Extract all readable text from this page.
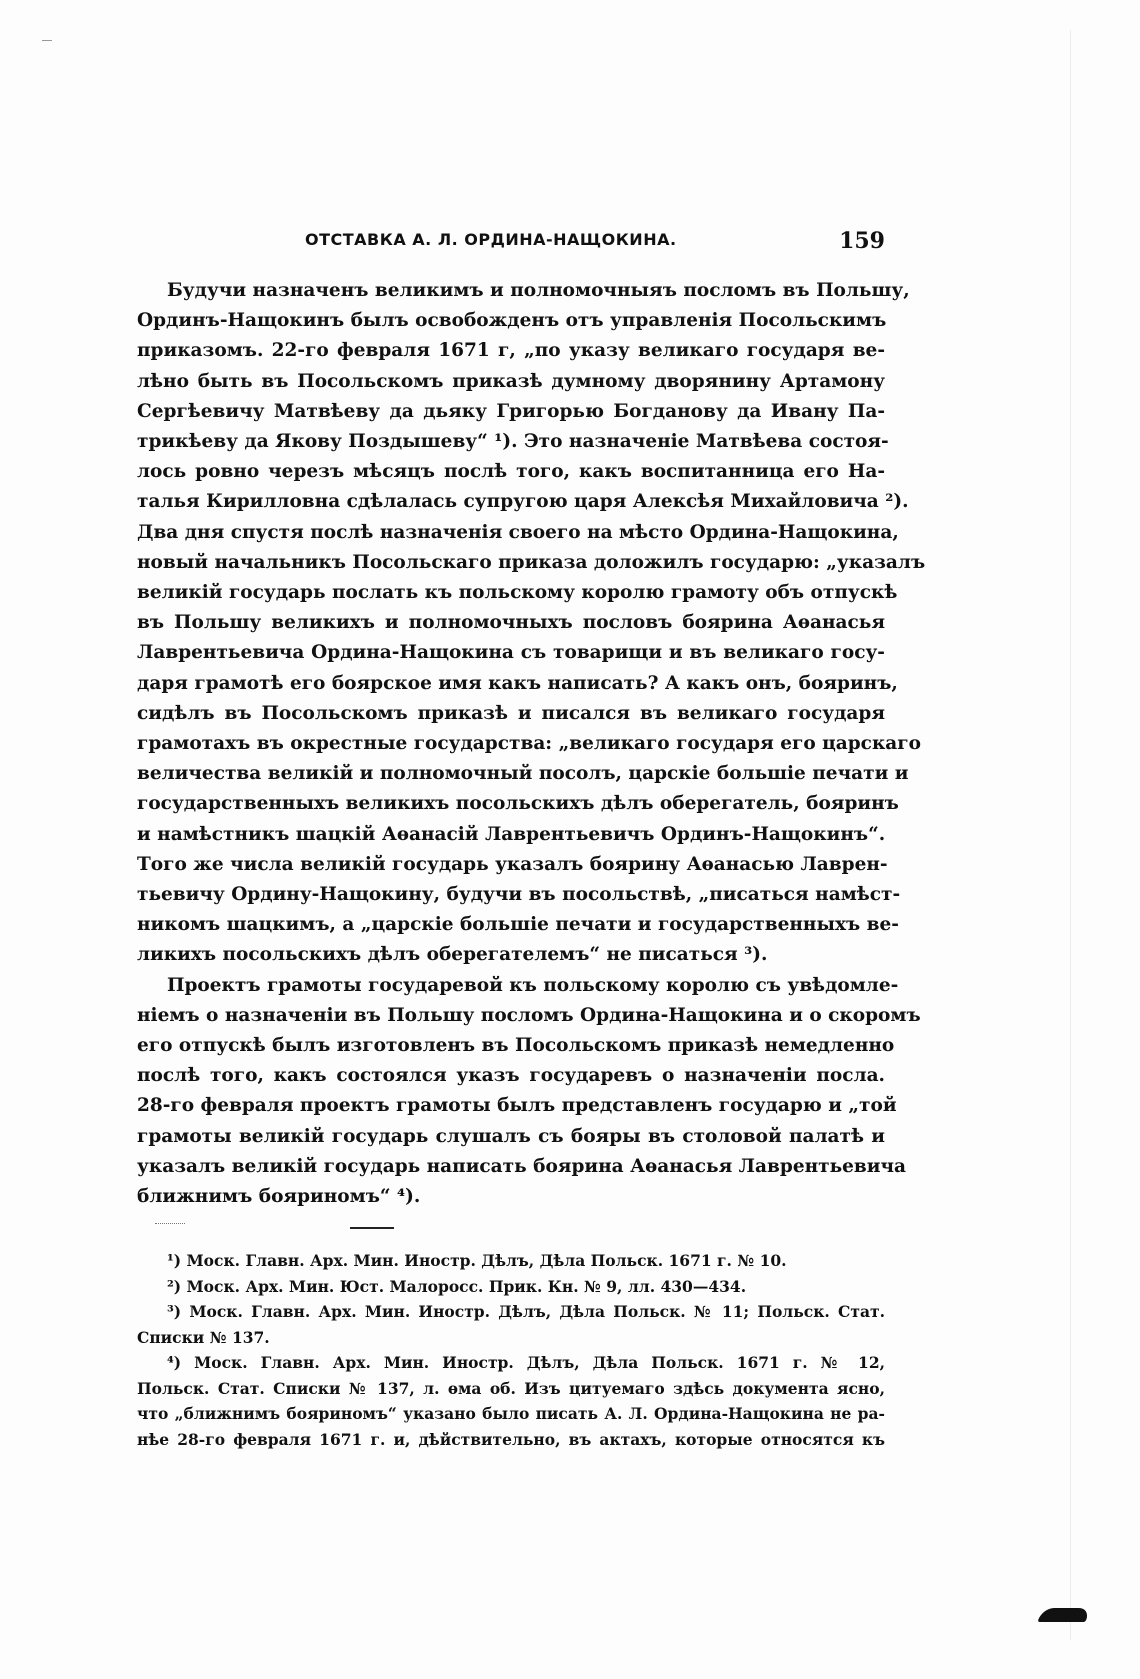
ОТСТАВКА А. Л. ОРДИНА-НАЩОКИНА.	159
Будучи назначенъ великимъ и полномочныяъ посломъ въ Польшу,
Ординъ-Нащокинъ былъ освобожденъ отъ управленія Посольскимъ
приказомъ. 22-го февраля 1671 г, „по указу великаго государя ве-
лѣно быть въ Посольскомъ приказѣ думному дворянину Артамону
Сергѣевичу Матвѣеву да дьяку Григорью Богданову да Ивану Па-
трикѣеву да Якову Поздышеву“ ¹). Это назначеніе Матвѣева состоя-
лось ровно черезъ мѣсяцъ послѣ того, какъ воспитанница его На-
талья Кирилловна сдѣлалась супругою царя Алексѣя Михайловича ²).
Два дня спустя послѣ назначенія своего на мѣсто Ордина-Нащокина,
новый начальникъ Посольскаго приказа доложилъ государю: „указалъ
великій государь послать къ польскому королю грамоту объ отпускѣ
въ Польшу великихъ и полномочныхъ пословъ боярина Аѳанасья
Лаврентьевича Ордина-Нащокина съ товарищи и въ великаго госу-
даря грамотѣ его боярское имя какъ написать? А какъ онъ, бояринъ,
сидѣлъ въ Посольскомъ приказѣ и писался въ великаго государя
грамотахъ въ окрестные государства: „великаго государя его царскаго
величества великій и полномочный посолъ, царскіе большіе печати и
государственныхъ великихъ посольскихъ дѣлъ оберегатель, бояринъ
и намѣстникъ шацкій Аѳанасій Лаврентьевичъ Ординъ-Нащокинъ“.
Того же числа великій государь указалъ боярину Аѳанасью Лаврен-
тьевичу Ордину-Нащокину, будучи въ посольствѣ, „писаться намѣст-
никомъ шацкимъ, а „царскіе большіе печати и государственныхъ ве-
ликихъ посольскихъ дѣлъ оберегателемъ“ не писаться ³).
Проектъ грамоты государевой къ польскому королю съ увѣдомле-
ніемъ о назначеніи въ Польшу посломъ Ордина-Нащокина и о скоромъ
его отпускѣ былъ изготовленъ въ Посольскомъ приказѣ немедленно
послѣ того, какъ состоялся указъ государевъ о назначеніи посла.
28-го февраля проектъ грамоты былъ представленъ государю и „той
грамоты великій государь слушалъ съ бояры въ столовой палатѣ и
указалъ великій государь написать боярина Аѳанасья Лаврентьевича
ближнимъ бояриномъ“ ⁴).
¹) Моск. Главн. Арх. Мин. Иностр. Дѣлъ, Дѣла Польск. 1671 г. № 10.
²) Моск. Арх. Мин. Юст. Малоросс. Прик. Кн. № 9, лл. 430—434.
³) Моск. Главн. Арх. Мин. Иностр. Дѣлъ, Дѣла Польск. № 11; Польск. Стат.
Списки № 137.
⁴) Моск. Главн. Арх. Мин. Иностр. Дѣлъ, Дѣла Польск. 1671 г. № 12,
Польск. Стат. Списки № 137, л. ѳма об. Изъ цитуемаго здѣсь документа ясно,
что „ближнимъ бояриномъ“ указано было писать А. Л. Ордина-Нащокина не ра-
нѣе 28-го февраля 1671 г. и, дѣйствительно, въ актахъ, которые относятся къ
